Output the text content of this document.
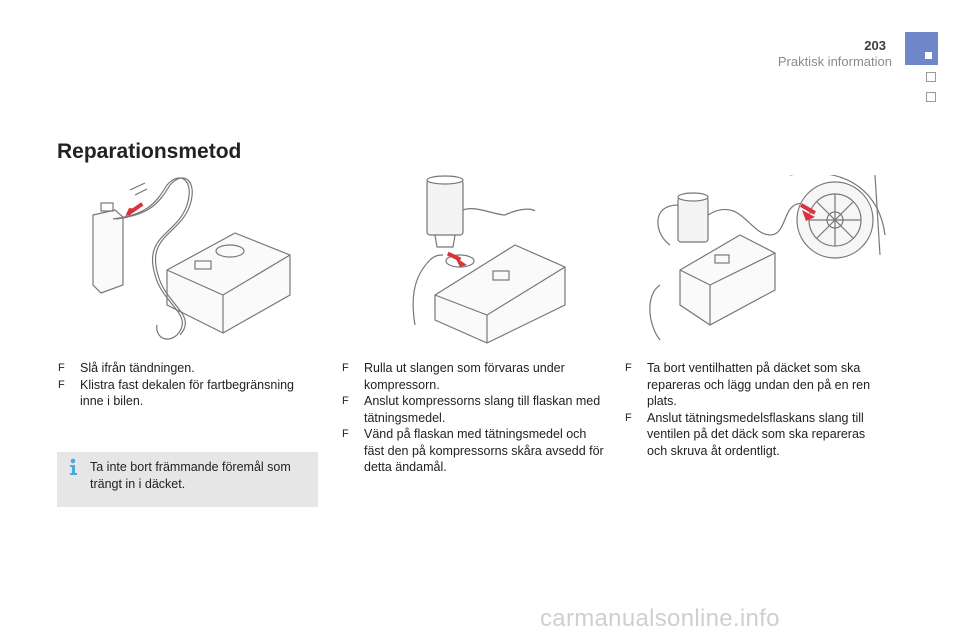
203
Praktisk information
Reparationsmetod
F Slå ifrån tändningen.
F Klistra fast dekalen för fartbegränsning inne i bilen.
Ta inte bort främmande föremål som trängt in i däcket.
F Rulla ut slangen som förvaras under kompressorn.
F Anslut kompressorns slang till flaskan med tätningsmedel.
F Vänd på flaskan med tätningsmedel och fäst den på kompressorns skåra avsedd för detta ändamål.
F Ta bort ventilhatten på däcket som ska repareras och lägg undan den på en ren plats.
F Anslut tätningsmedelsflaskans slang till ventilen på det däck som ska repareras och skruva åt ordentligt.
carmanualsonline.info
